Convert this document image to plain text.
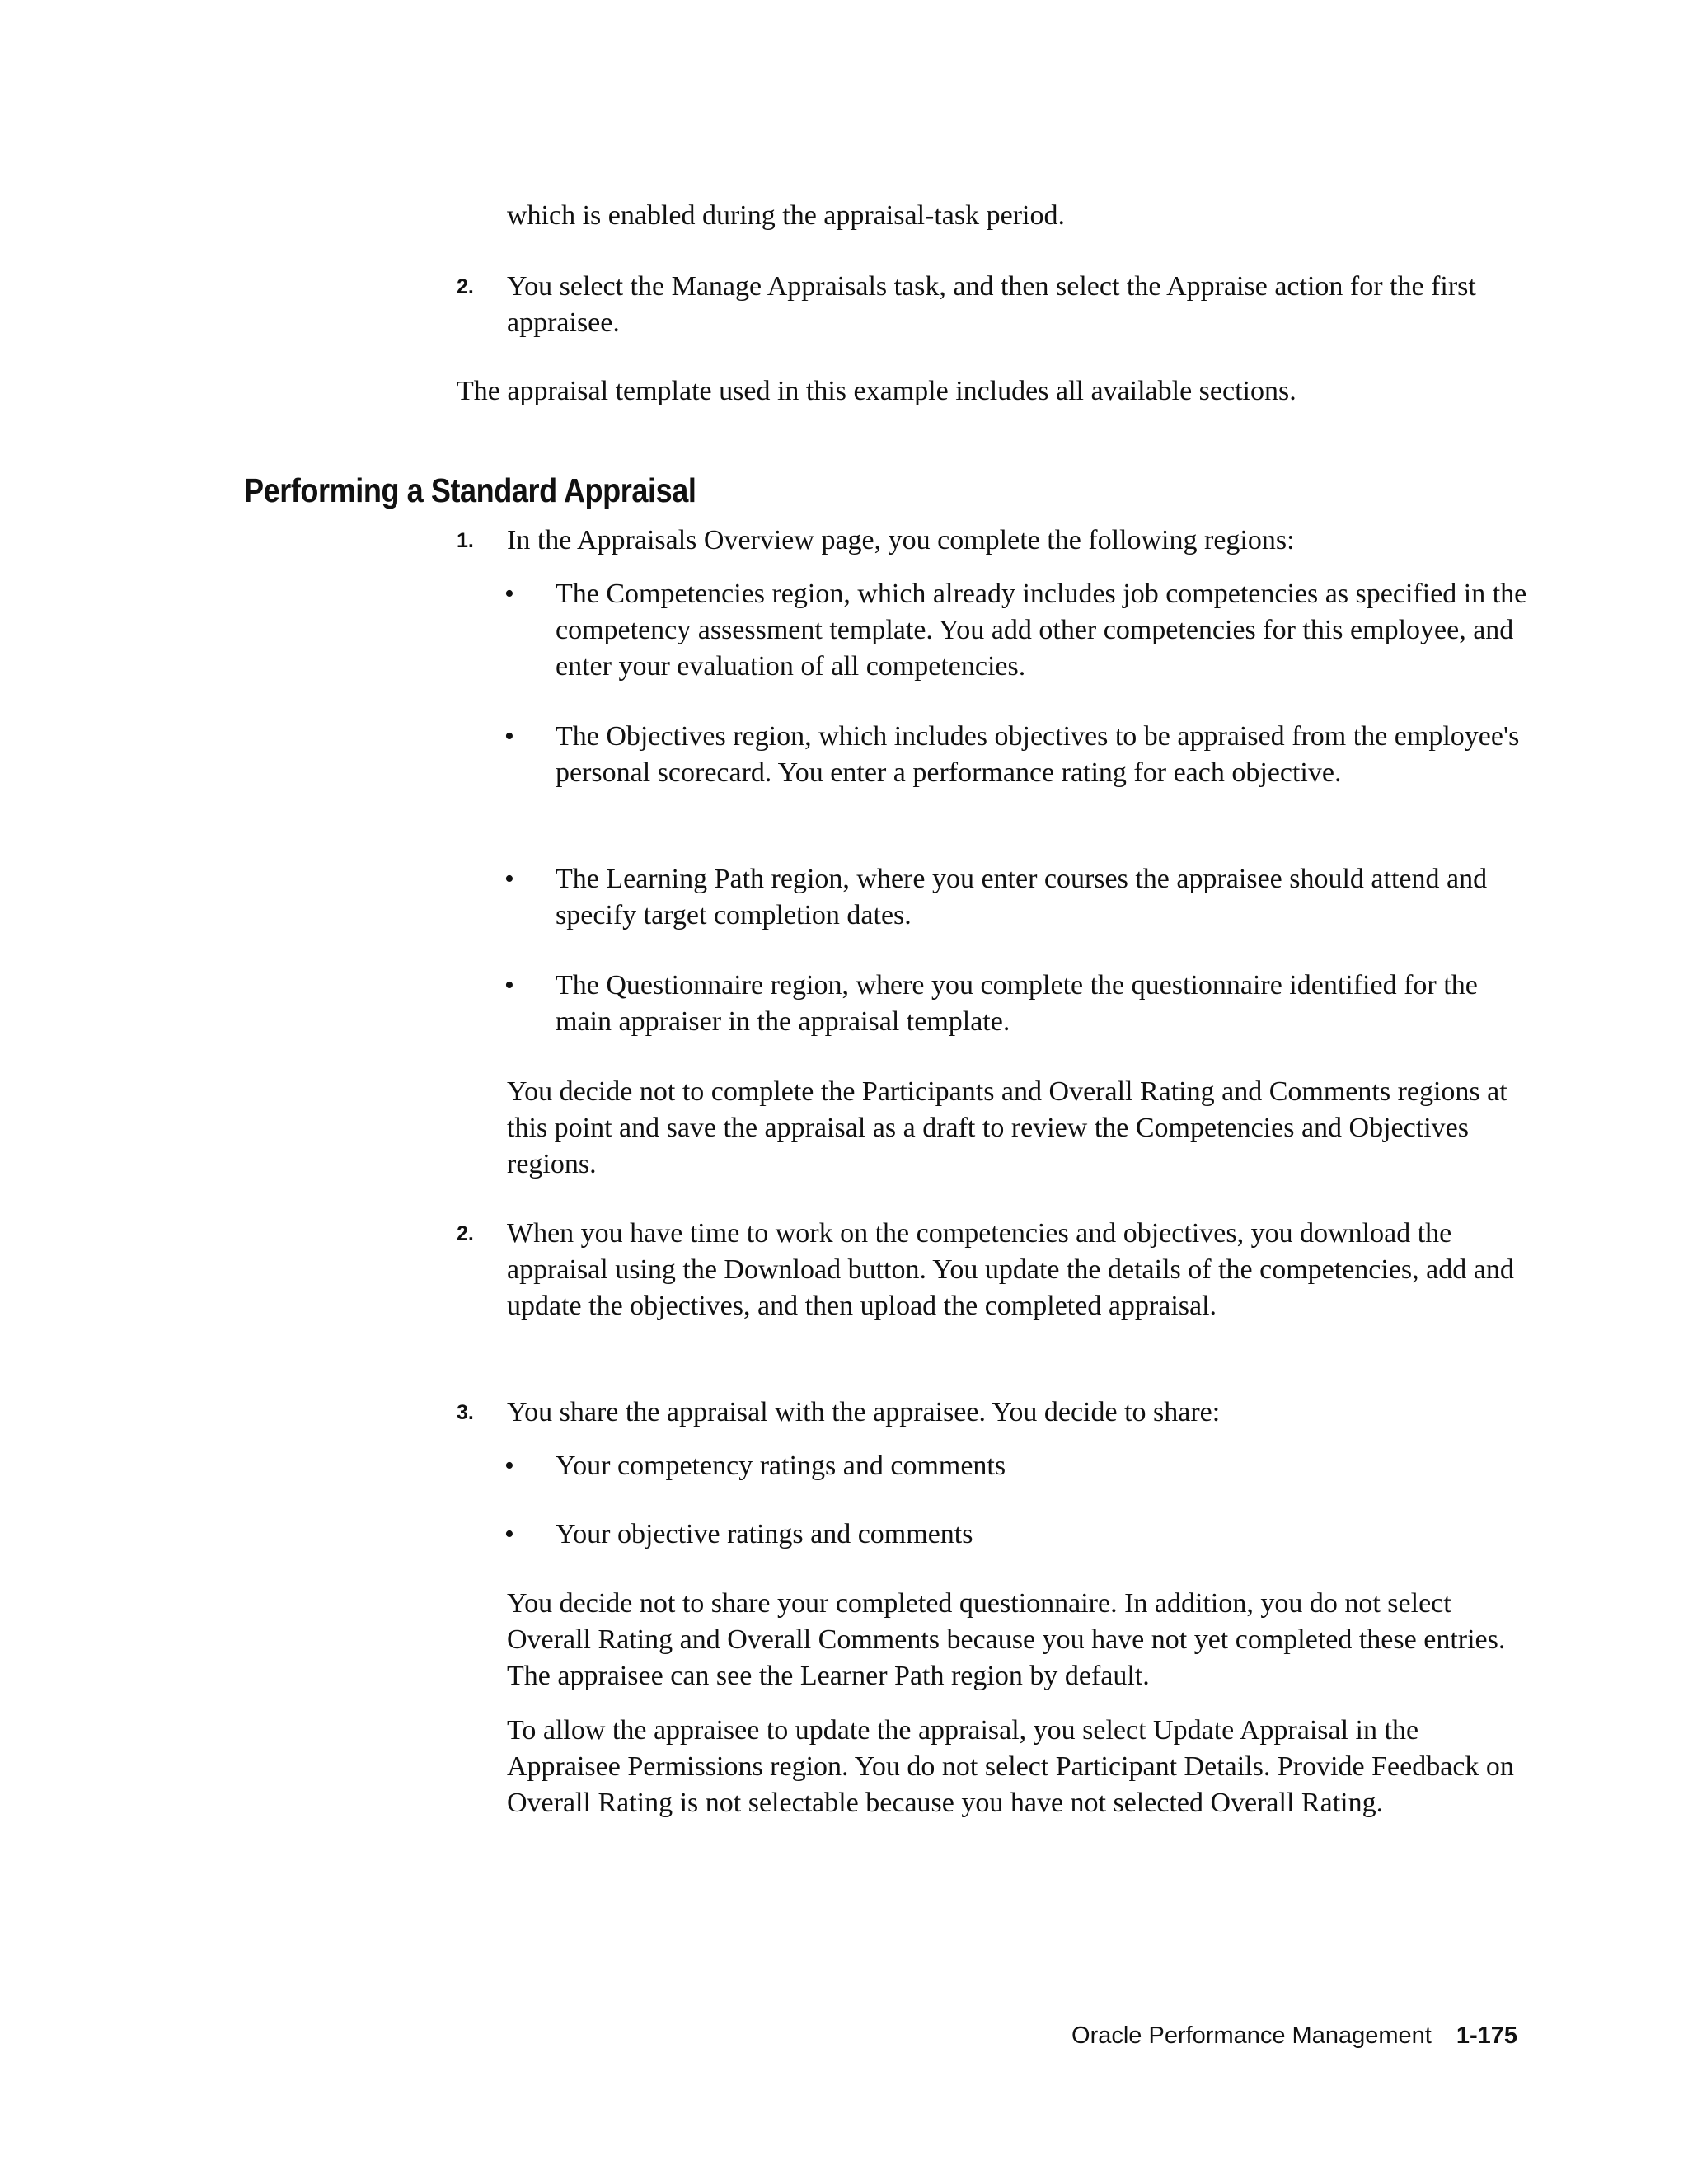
which is enabled during the appraisal-task period.

2. You select the Manage Appraisals task, and then select the Appraise action for the first appraisee.

The appraisal template used in this example includes all available sections.

Performing a Standard Appraisal
1. In the Appraisals Overview page, you complete the following regions:

• The Competencies region, which already includes job competencies as specified in the competency assessment template. You add other competencies for this employee, and enter your evaluation of all competencies.

• The Objectives region, which includes objectives to be appraised from the employee's personal scorecard. You enter a performance rating for each objective.

• The Learning Path region, where you enter courses the appraisee should attend and specify target completion dates.

• The Questionnaire region, where you complete the questionnaire identified for the main appraiser in the appraisal template.

You decide not to complete the Participants and Overall Rating and Comments regions at this point and save the appraisal as a draft to review the Competencies and Objectives regions.

2. When you have time to work on the competencies and objectives, you download the appraisal using the Download button. You update the details of the competencies, add and update the objectives, and then upload the completed appraisal.

3. You share the appraisal with the appraisee. You decide to share:

• Your competency ratings and comments

• Your objective ratings and comments

You decide not to share your completed questionnaire. In addition, you do not select Overall Rating and Overall Comments because you have not yet completed these entries. The appraisee can see the Learner Path region by default.

To allow the appraisee to update the appraisal, you select Update Appraisal in the Appraisee Permissions region. You do not select Participant Details. Provide Feedback on Overall Rating is not selectable because you have not selected Overall Rating.

Oracle Performance Management 1-175
